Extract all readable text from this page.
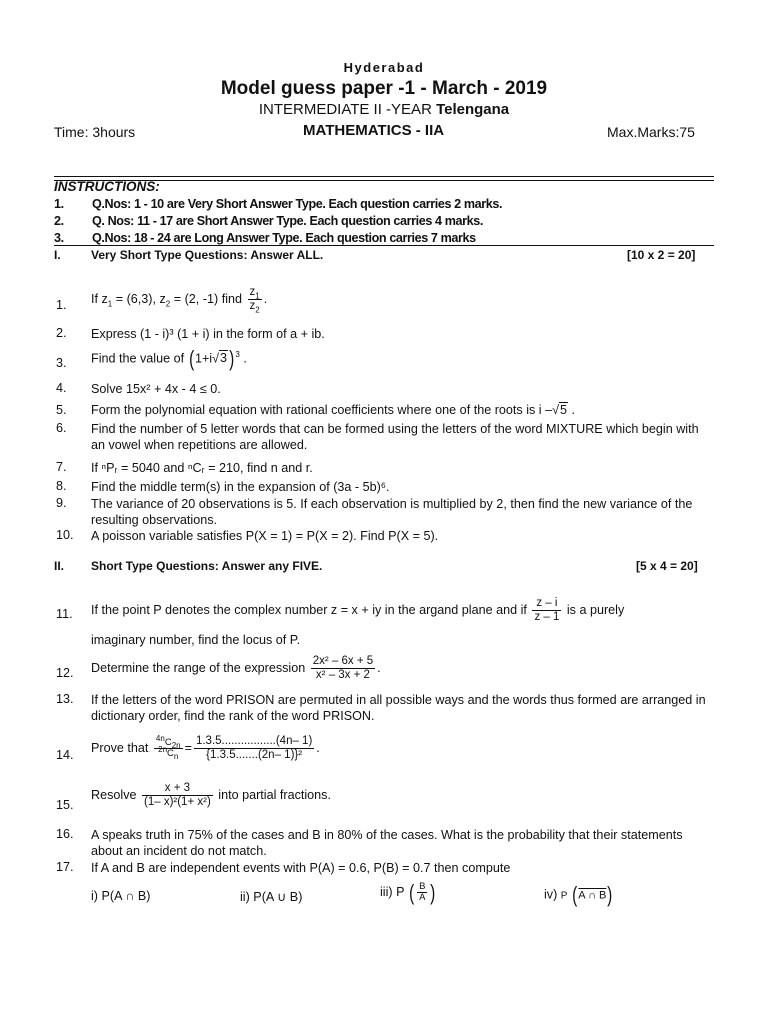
Hyderabad
Model guess paper -1 - March - 2019
INTERMEDIATE II -YEAR Telengana
Time: 3hours	MATHEMATICS - IIA	Max.Marks:75
INSTRUCTIONS:
1. Q.Nos: 1 - 10 are Very Short Answer Type. Each question carries 2 marks.
2. Q. Nos: 11 - 17 are Short Answer Type. Each question carries 4 marks.
3. Q.Nos: 18 - 24 are Long Answer Type. Each question carries 7 marks
I.	Very Short Type Questions: Answer ALL.	[10 x 2 = 20]
1. If $z_1 = (6,3)$, $z_2 = (2$, -1) find $\frac{z_1}{z_2}$ .
2. Express (1 - i)³ (1 + i) in the form of a + ib.
3. Find the value of $(1+i√3)^3$ .
4. Solve 15x² + 4x - 4 ≤ 0.
5. Form the polynomial equation with rational coefficients where one of the roots is i –√5 .
6. Find the number of 5 letter words that can be formed using the letters of the word MIXTURE which begin with an vowel when repetitions are allowed.
7. If ⁿPᵣ = 5040 and ⁿCᵣ = 210, find n and r.
8. Find the middle term(s) in the expansion of (3a - 5b)⁶.
9. The variance of 20 observations is 5. If each observation is multiplied by 2, then find the new variance of the resulting observations.
10. A poisson variable satisfies P(X = 1) = P(X = 2). Find P(X = 5).
II. Short Type Questions: Answer any FIVE.	[5 x 4 = 20]
11. If the point P denotes the complex number z = x + iy in the argand plane and if $\frac{z - i}{z - 1}$ is a purely
imaginary number, find the locus of P.
12. Determine the range of the expression $\frac{\text{2x² – 6x + 5}}{\text{x² – 3x + 2}}$ .
13. If the letters of the word PRISON are permuted in all possible ways and the words thus formed are arranged in dictionary order, find the rank of the word PRISON.
14.
Prove that $\frac{^{4n}C_{2n}}{^{2n}C_n} = \frac{1.3.5.................(4n- 1)}{\text{\{1.3.5.......(2n– 1)\}²}}$ .
15.
Resolve $\frac{x + 3}{\text{(1– x)²(1+ x²)}}$ into partial fractions.
16. A speaks truth in 75% of the cases and B in 80% of the cases. What is the probability that their statements about an incident do not match.
17. If A and B are independent events with P(A) = 0.6, P(B) = 0.7 then compute
i) P(A ∩ B)	ii) P(A ∪ B)	iii) P ( $\frac{B}{A}$ )	iv) P (A ∩ B)
